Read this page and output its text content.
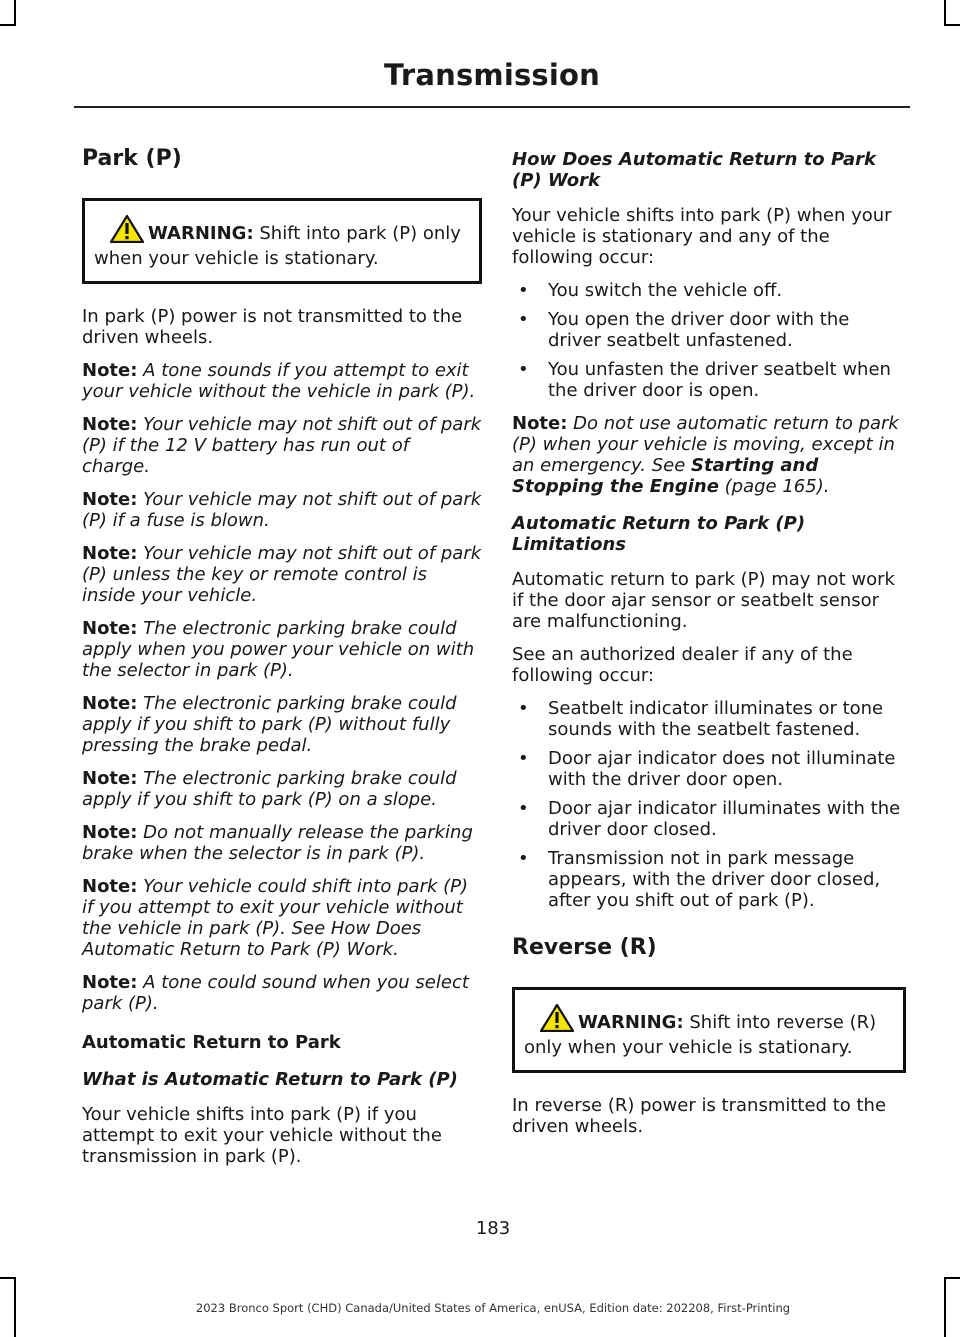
Transmission
Park (P)
WARNING: Shift into park (P) only when your vehicle is stationary.

In park (P) power is not transmitted to the driven wheels.

Note: A tone sounds if you attempt to exit your vehicle without the vehicle in park (P).

Note: Your vehicle may not shift out of park (P) if the 12 V battery has run out of charge.

Note: Your vehicle may not shift out of park (P) if a fuse is blown.

Note: Your vehicle may not shift out of park (P) unless the key or remote control is inside your vehicle.

Note: The electronic parking brake could apply when you power your vehicle on with the selector in park (P).

Note: The electronic parking brake could apply if you shift to park (P) without fully pressing the brake pedal.

Note: The electronic parking brake could apply if you shift to park (P) on a slope.

Note: Do not manually release the parking brake when the selector is in park (P).

Note: Your vehicle could shift into park (P) if you attempt to exit your vehicle without the vehicle in park (P). See How Does Automatic Return to Park (P) Work.

Note: A tone could sound when you select park (P).

Automatic Return to Park
What is Automatic Return to Park (P)

Your vehicle shifts into park (P) if you attempt to exit your vehicle without the transmission in park (P).

How Does Automatic Return to Park (P) Work

Your vehicle shifts into park (P) when your vehicle is stationary and any of the following occur:

• You switch the vehicle off.
• You open the driver door with the driver seatbelt unfastened.
• You unfasten the driver seatbelt when the driver door is open.

Note: Do not use automatic return to park (P) when your vehicle is moving, except in an emergency. See Starting and Stopping the Engine (page 165).

Automatic Return to Park (P) Limitations

Automatic return to park (P) may not work if the door ajar sensor or seatbelt sensor are malfunctioning.

See an authorized dealer if any of the following occur:

• Seatbelt indicator illuminates or tone sounds with the seatbelt fastened.
• Door ajar indicator does not illuminate with the driver door open.
• Door ajar indicator illuminates with the driver door closed.
• Transmission not in park message appears, with the driver door closed, after you shift out of park (P).
Reverse (R)
WARNING: Shift into reverse (R) only when your vehicle is stationary.

In reverse (R) power is transmitted to the driven wheels.

183
2023 Bronco Sport (CHD) Canada/United States of America, enUSA, Edition date: 202208, First-Printing
